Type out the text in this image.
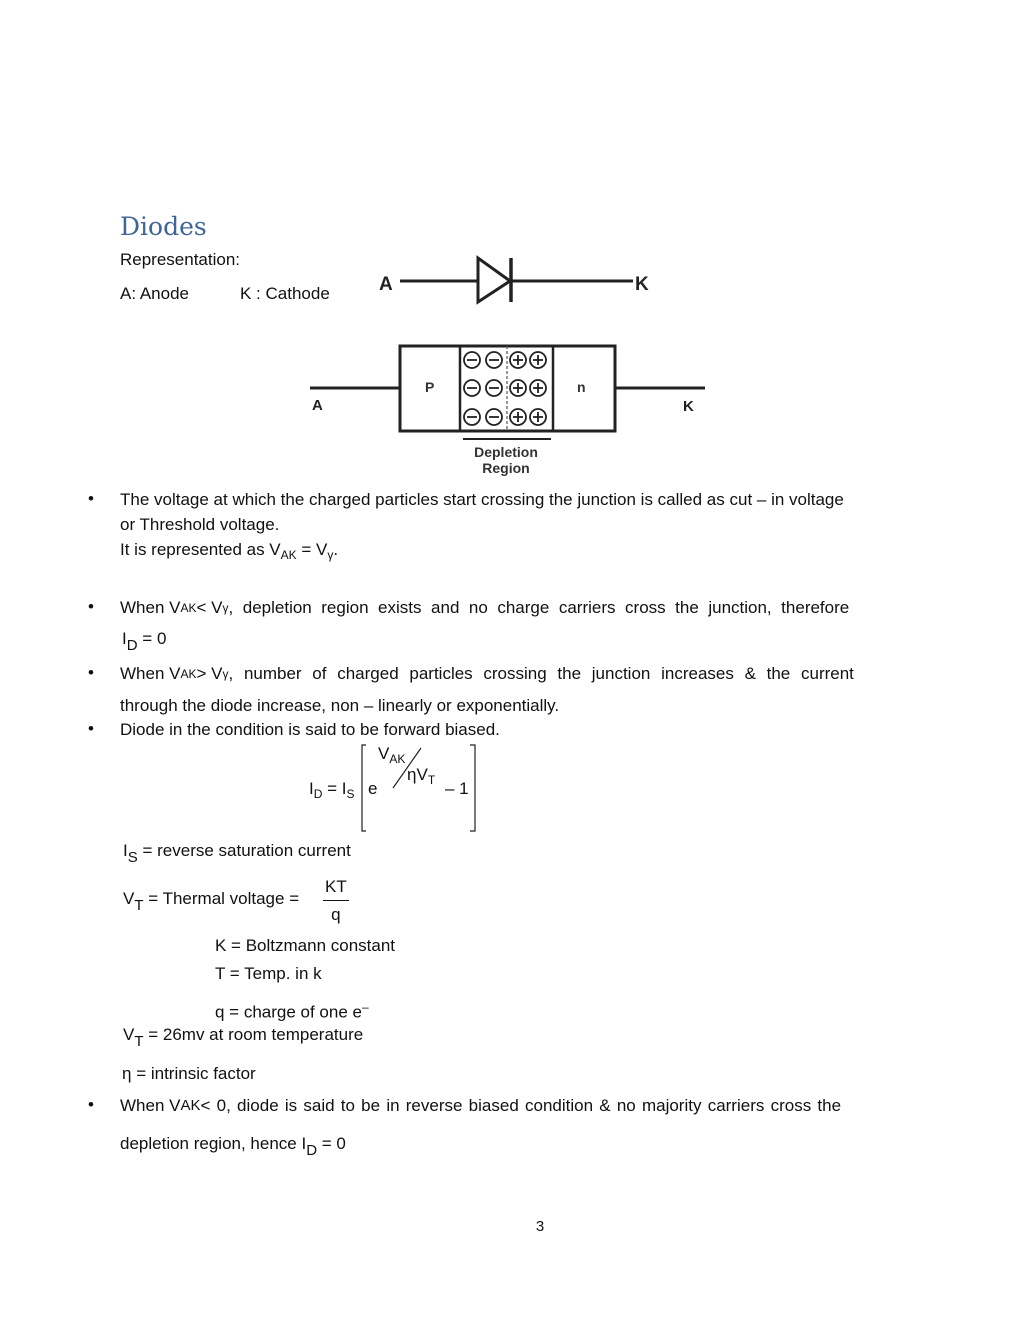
Diodes
Representation:
A: Anode	K : Cathode	A	K
A	K
P	n
Depletion
Region
• The voltage at which the charged particles start crossing the junction is called as cut – in voltage
or Threshold voltage.
It is represented as $V_{AK} = V_\gamma$.
• When V AK < V γ , depletion region exists and no charge carriers cross the junction, therefore
$I_D = 0$
• When V AK > V γ , number of charged particles crossing the junction increases & the current
through the diode increase, non – linearly or exponentially.
• Diode in the condition is said to be forward biased.
$I_D = I_S$ e
$V_{AK}$
$\eta V_T - 1$
$I_S$ = reverse saturation current
$V_T$ = Thermal voltage = $\frac{KT}{q}$
K = Boltzmann constant
T = Temp. in k
q = charge of one e–
$V_T = 26mv$ at room temperature
η = intrinsic factor
• When V AK < 0, diode is said to be in reverse biased condition & no majority carriers cross the
depletion region, hence $I_D = 0$
3
